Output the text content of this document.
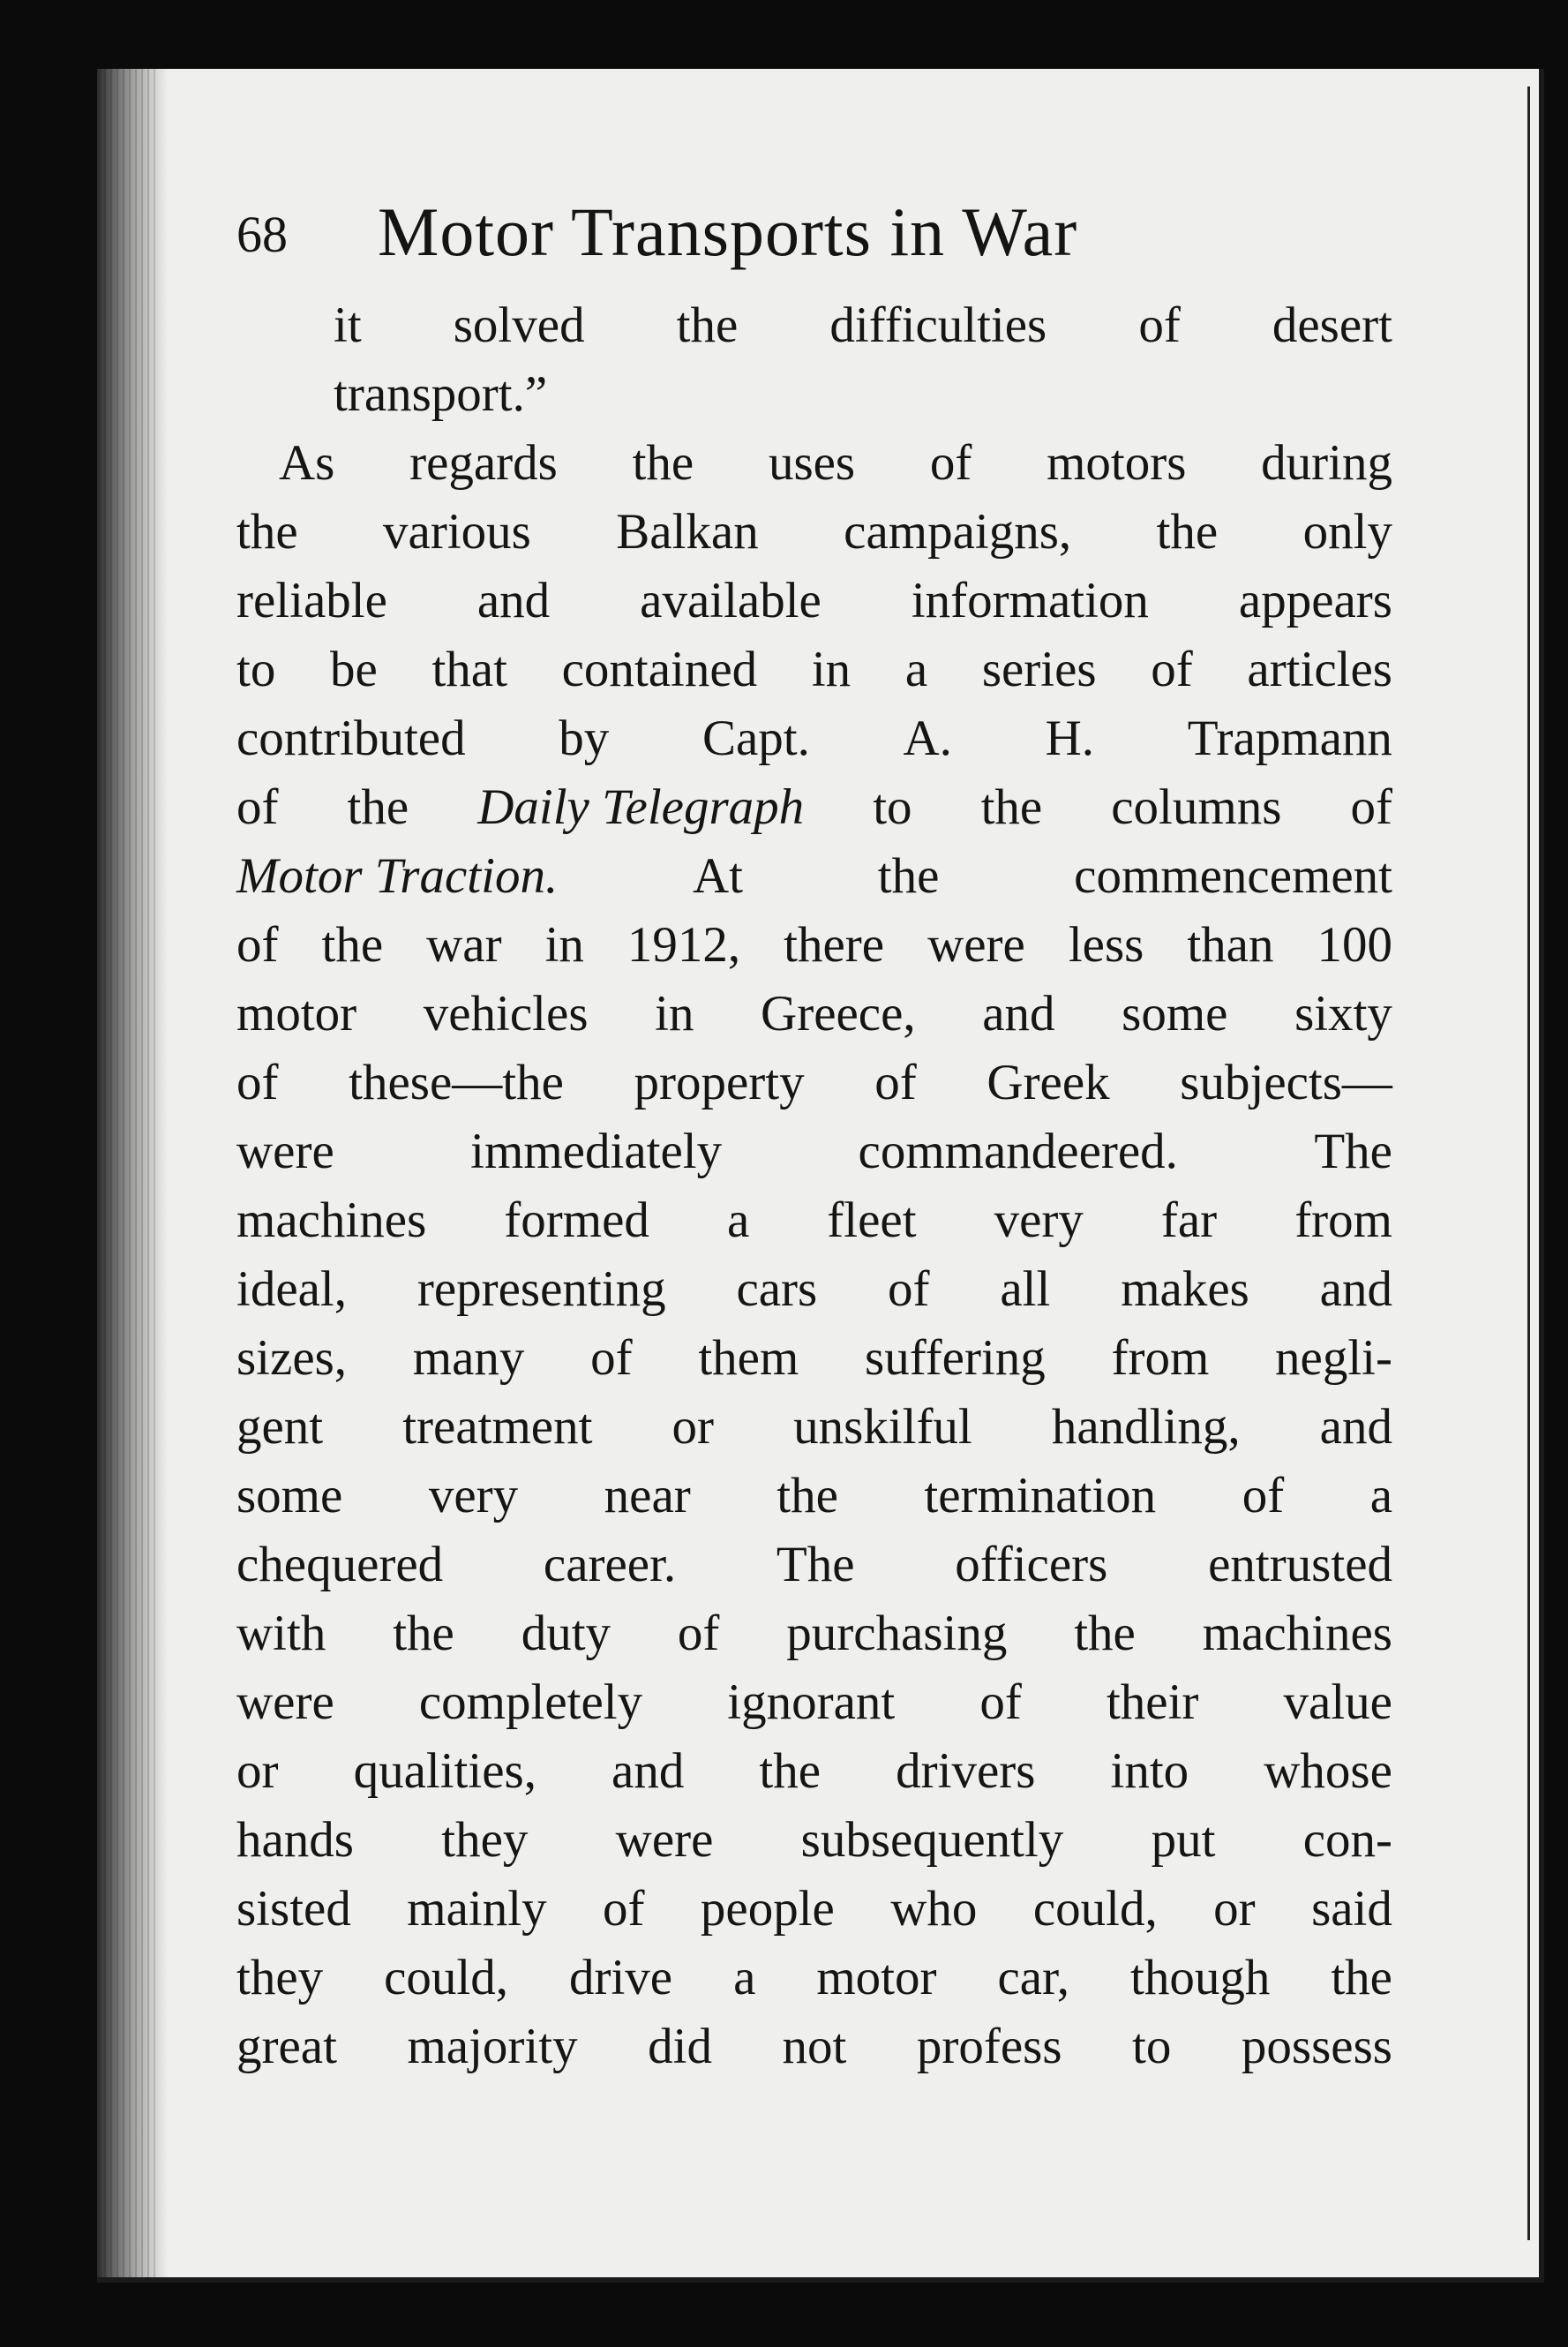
68 Motor Transports in War
it solved the difficulties of desert
transport.”
As regards the uses of motors during
the various Balkan campaigns, the only
reliable and available information appears
to be that contained in a series of articles
contributed by Capt. A. H. Trapmann
of the Daily Telegraph to the columns of
Motor Traction.	At	the	commencement
of the war in 1912, there were less than 100
motor vehicles in Greece, and some sixty
of these—the property of Greek subjects—
were	immediately	commandeered.	The
machines formed a fleet very far from
ideal, representing cars of all makes and
sizes, many of them suffering from negli-
gent treatment or unskilful handling, and
some very near the termination of a
chequered career. The officers entrusted
with the duty of purchasing the machines
were completely ignorant of their value
or qualities, and the drivers into whose
hands they were subsequently put con-
sisted mainly of people who could, or said
they could, drive a motor car, though the
great majority did not profess to possess
